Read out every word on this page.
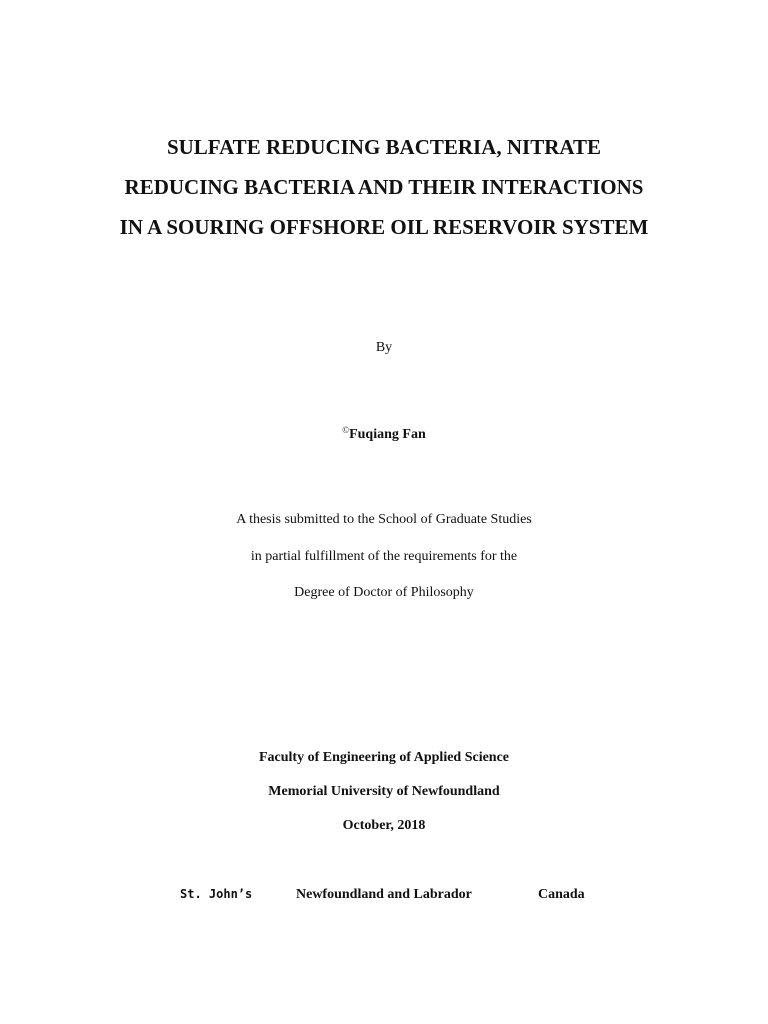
SULFATE REDUCING BACTERIA, NITRATE
REDUCING BACTERIA AND THEIR INTERACTIONS
IN A SOURING OFFSHORE OIL RESERVOIR SYSTEM
By
©Fuqiang Fan
A thesis submitted to the School of Graduate Studies
in partial fulfillment of the requirements for the
Degree of Doctor of Philosophy
Faculty of Engineering of Applied Science
Memorial University of Newfoundland
October, 2018
St. John’s	Newfoundland and Labrador	Canada
